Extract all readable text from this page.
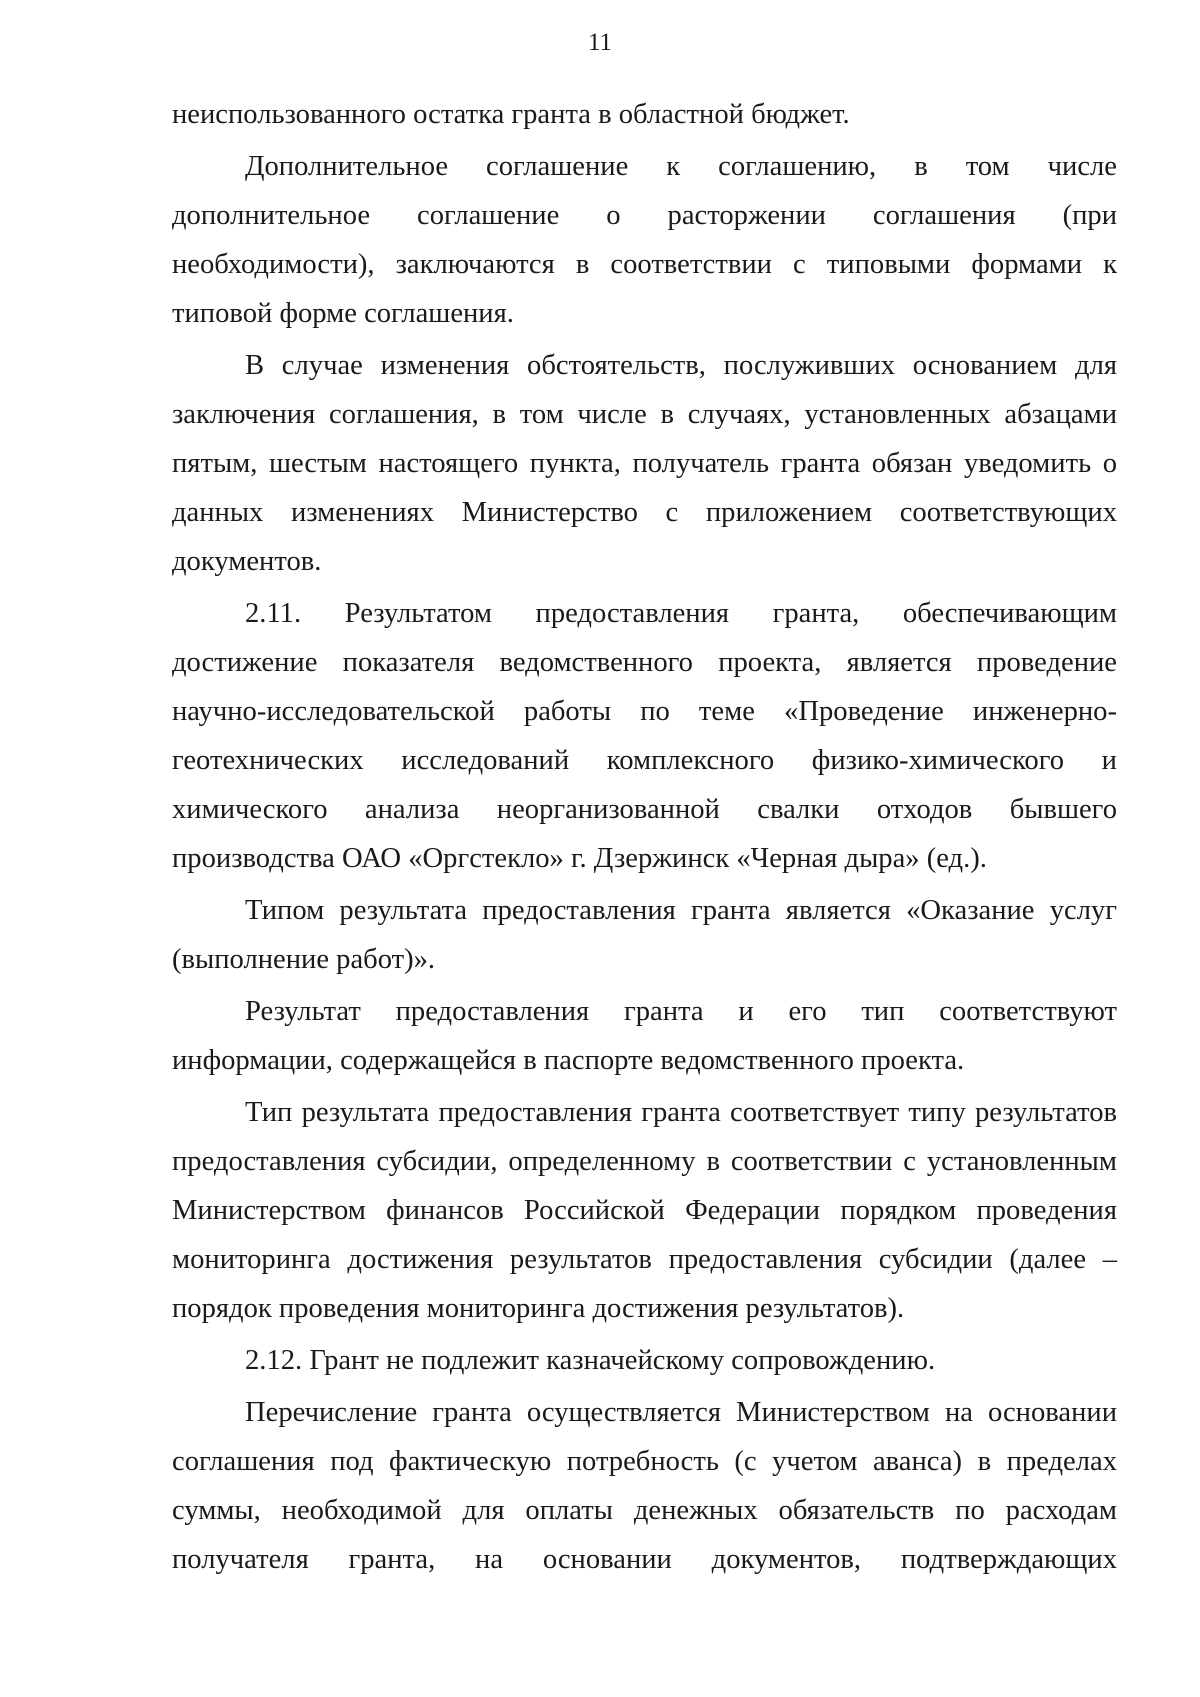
11

неиспользованного остатка гранта в областной бюджет.

Дополнительное соглашение к соглашению, в том числе дополнительное соглашение о расторжении соглашения (при необходимости), заключаются в соответствии с типовыми формами к типовой форме соглашения.

В случае изменения обстоятельств, послуживших основанием для заключения соглашения, в том числе в случаях, установленных абзацами пятым, шестым настоящего пункта, получатель гранта обязан уведомить о данных изменениях Министерство с приложением соответствующих документов.

2.11. Результатом предоставления гранта, обеспечивающим достижение показателя ведомственного проекта, является проведение научно-исследовательской работы по теме «Проведение инженерно-геотехнических исследований комплексного физико-химического и химического анализа неорганизованной свалки отходов бывшего производства ОАО «Оргстекло» г. Дзержинск «Черная дыра» (ед.).

Типом результата предоставления гранта является «Оказание услуг (выполнение работ)».

Результат предоставления гранта и его тип соответствуют информации, содержащейся в паспорте ведомственного проекта.

Тип результата предоставления гранта соответствует типу результатов предоставления субсидии, определенному в соответствии с установленным Министерством финансов Российской Федерации порядком проведения мониторинга достижения результатов предоставления субсидии (далее – порядок проведения мониторинга достижения результатов).

2.12. Грант не подлежит казначейскому сопровождению.

Перечисление гранта осуществляется Министерством на основании соглашения под фактическую потребность (с учетом аванса) в пределах суммы, необходимой для оплаты денежных обязательств по расходам получателя гранта, на основании документов, подтверждающих
